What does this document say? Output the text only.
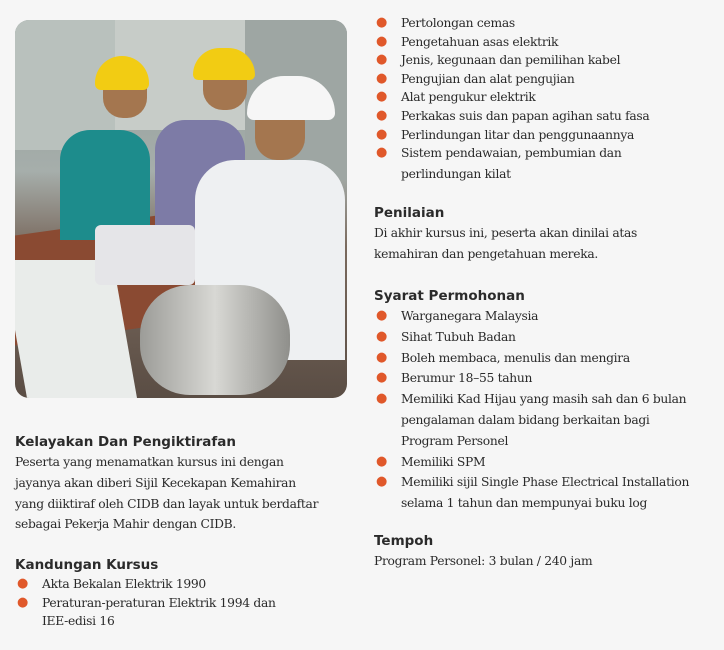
● Pertolongan cemas
● Pengetahuan asas elektrik
● Jenis, kegunaan dan pemilihan kabel
● Pengujian dan alat pengujian
● Alat pengukur elektrik
● Perkakas suis dan papan agihan satu fasa
● Perlindungan litar dan penggunaannya
● Sistem pendawaian, pembumian dan
perlindungan kilat
Penilaian

Di akhir kursus ini, peserta akan dinilai atas

kemahiran dan pengetahuan mereka.

Syarat Permohonan
● Warganegara Malaysia
● Sihat Tubuh Badan
● Boleh membaca, menulis dan mengira
● Berumur 18–55 tahun
● Memiliki Kad Hijau yang masih sah dan 6 bulan
pengalaman dalam bidang berkaitan bagi
Program Personel
● Memiliki SPM
● Memiliki sijil Single Phase Electrical Installation
selama 1 tahun dan mempunyai buku log
Tempoh

Program Personel: 3 bulan / 240 jam

Kelayakan Dan Pengiktirafan

Peserta yang menamatkan kursus ini dengan

jayanya akan diberi Sijil Kecekapan Kemahiran

yang diiktiraf oleh CIDB dan layak untuk berdaftar

sebagai Pekerja Mahir dengan CIDB.

Kandungan Kursus
● Akta Bekalan Elektrik 1990
● Peraturan-peraturan Elektrik 1994 dan
IEE-edisi 16
